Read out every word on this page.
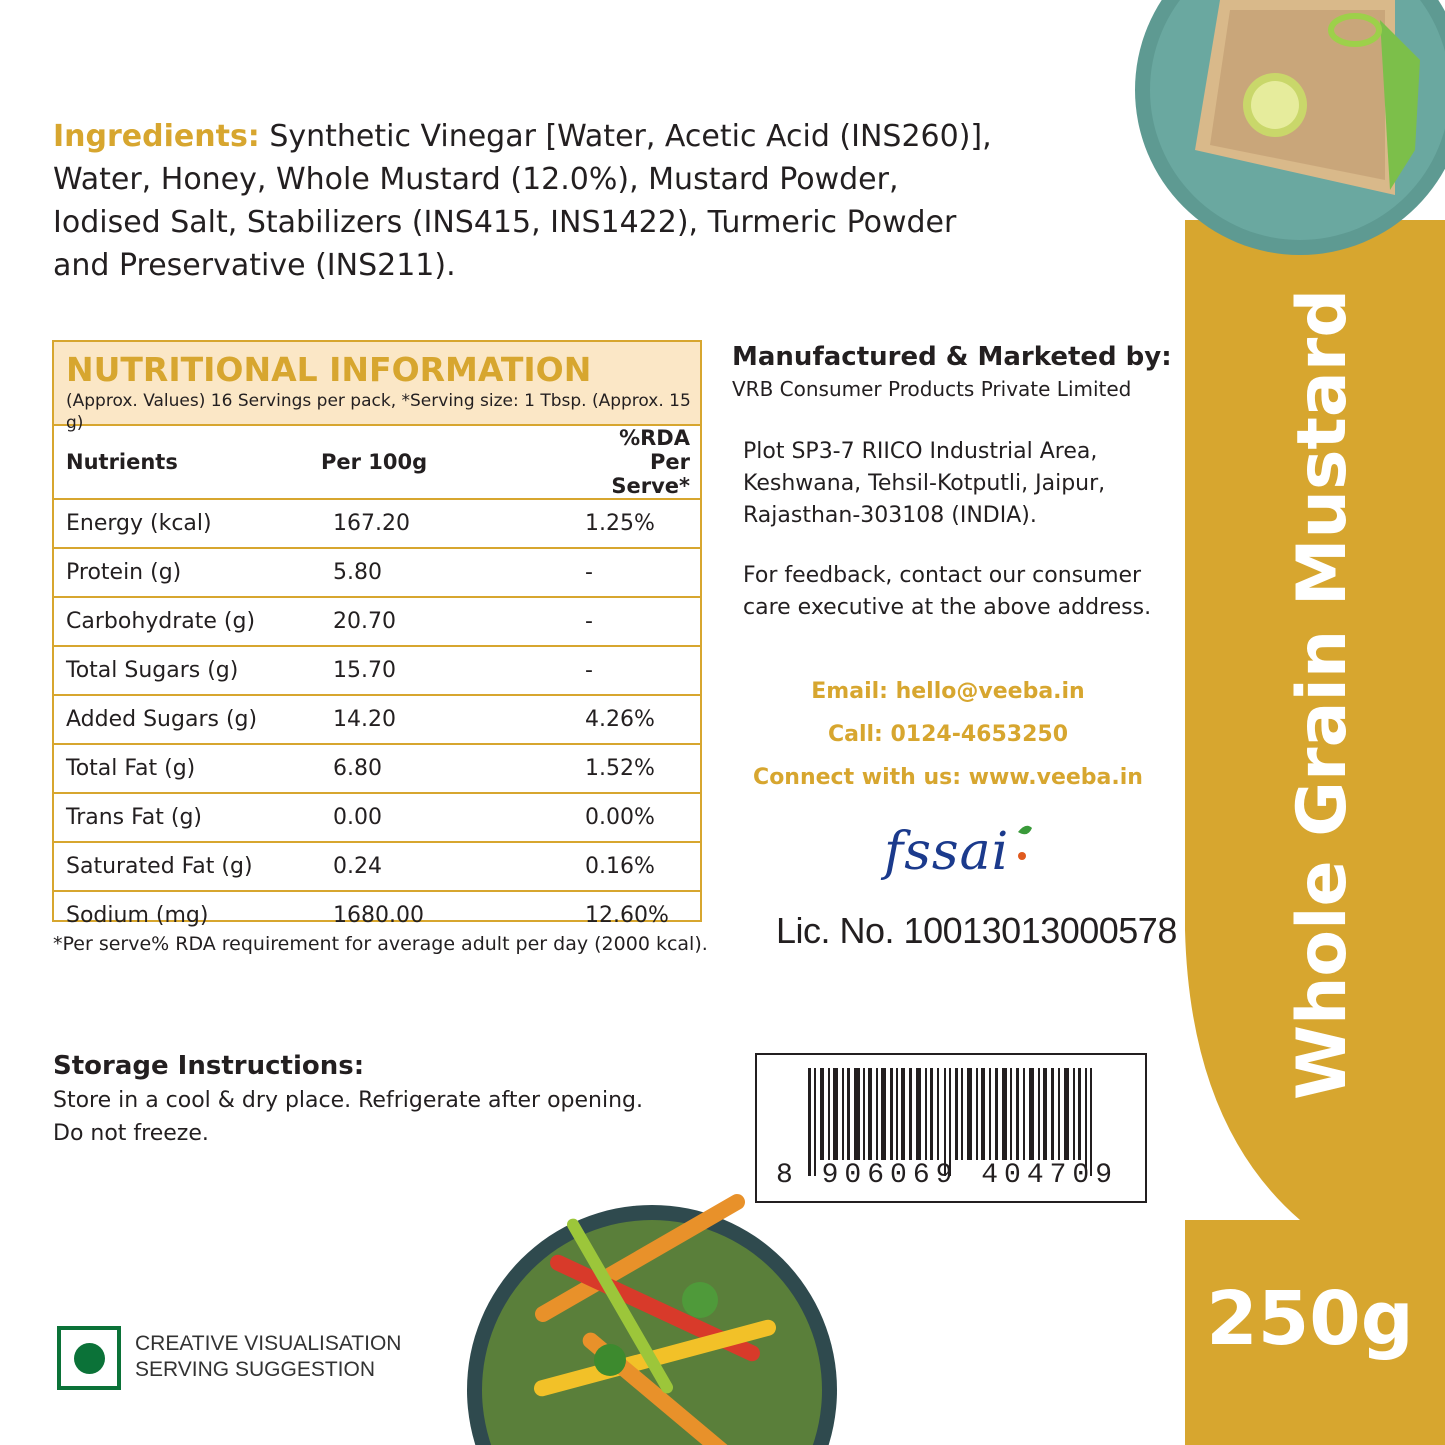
Ingredients: Synthetic Vinegar [Water, Acetic Acid (INS260)], Water, Honey, Whole Mustard (12.0%), Mustard Powder, Iodised Salt, Stabilizers (INS415, INS1422), Turmeric Powder and Preservative (INS211).

NUTRITIONAL INFORMATION
(Approx. Values) 16 Servings per pack, *Serving size: 1 Tbsp. (Approx. 15 g)
Nutrients	Per 100g	%RDA Per Serve*
Energy (kcal)	167.20	1.25%
Protein (g)	5.80	-
Carbohydrate (g)	20.70	-
Total Sugars (g)	15.70	-
Added Sugars (g)	14.20	4.26%
Total Fat (g)	6.80	1.52%
Trans Fat (g)	0.00	0.00%
Saturated Fat (g)	0.24	0.16%
Sodium (mg)	1680.00	12.60%
*Per serve% RDA requirement for average adult per day (2000 kcal).
Manufactured & Marketed by:
VRB Consumer Products Private Limited
Plot SP3-7 RIICO Industrial Area,
Keshwana, Tehsil-Kotputli, Jaipur,
Rajasthan-303108 (INDIA).
For feedback, contact our consumer
care executive at the above address.
Email: hello@veeba.in
Call: 0124-4653250
Connect with us: www.veeba.in
fssai
Lic. No. 10013013000578
Storage Instructions:
Store in a cool & dry place. Refrigerate after opening.
Do not freeze.
8 906069 404709
Whole Grain Mustard
250g
CREATIVE VISUALISATION
SERVING SUGGESTION
